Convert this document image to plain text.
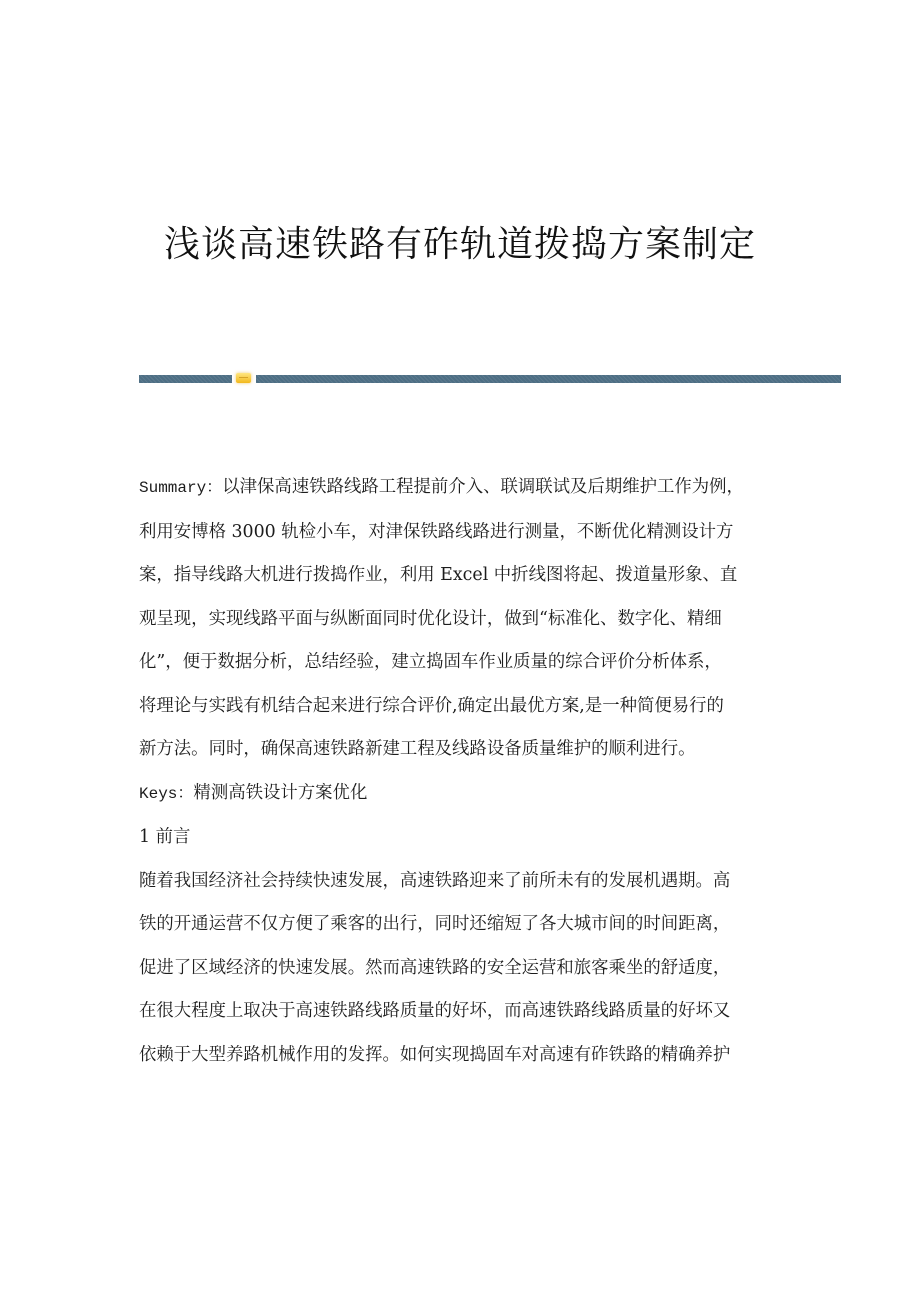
浅谈高速铁路有砟轨道拨捣方案制定

Summary：以津保高速铁路线路工程提前介入、联调联试及后期维护工作为例，

利用安博格 3000 轨检小车，对津保铁路线路进行测量，不断优化精测设计方

案，指导线路大机进行拨捣作业，利用 Excel 中折线图将起、拨道量形象、直

观呈现，实现线路平面与纵断面同时优化设计，做到“标准化、数字化、精细

化”，便于数据分析，总结经验，建立捣固车作业质量的综合评价分析体系，

将理论与实践有机结合起来进行综合评价,确定出最优方案,是一种简便易行的

新方法。同时，确保高速铁路新建工程及线路设备质量维护的顺利进行。

Keys：精测高铁设计方案优化

1 前言

随着我国经济社会持续快速发展，高速铁路迎来了前所未有的发展机遇期。高

铁的开通运营不仅方便了乘客的出行，同时还缩短了各大城市间的时间距离，

促进了区域经济的快速发展。然而高速铁路的安全运营和旅客乘坐的舒适度，

在很大程度上取决于高速铁路线路质量的好坏，而高速铁路线路质量的好坏又

依赖于大型养路机械作用的发挥。如何实现捣固车对高速有砟铁路的精确养护
